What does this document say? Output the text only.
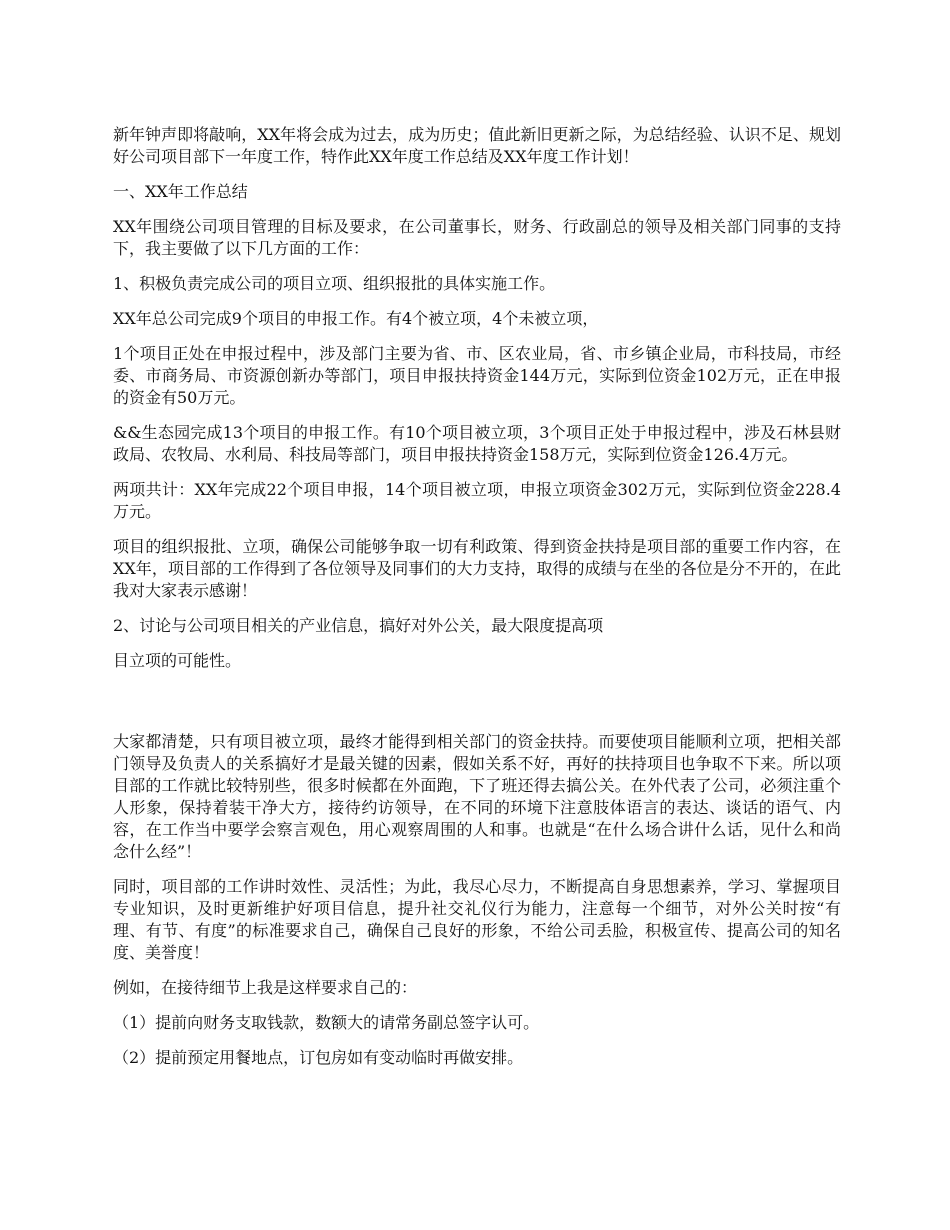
新年钟声即将敲响，XX年将会成为过去，成为历史；值此新旧更新之际，为总结经验、认识不足、规划好公司项目部下一年度工作，特作此XX年度工作总结及XX年度工作计划！

一、XX年工作总结

XX年围绕公司项目管理的目标及要求，在公司董事长，财务、行政副总的领导及相关部门同事的支持下，我主要做了以下几方面的工作：

1、积极负责完成公司的项目立项、组织报批的具体实施工作。

XX年总公司完成9个项目的申报工作。有4个被立项，4个未被立项，

1个项目正处在申报过程中，涉及部门主要为省、市、区农业局，省、市乡镇企业局，市科技局，市经委、市商务局、市资源创新办等部门，项目申报扶持资金144万元，实际到位资金102万元，正在申报的资金有50万元。

&&生态园完成13个项目的申报工作。有10个项目被立项，3个项目正处于申报过程中，涉及石林县财政局、农牧局、水利局、科技局等部门，项目申报扶持资金158万元，实际到位资金126.4万元。

两项共计：XX年完成22个项目申报，14个项目被立项，申报立项资金302万元，实际到位资金228.4万元。

项目的组织报批、立项，确保公司能够争取一切有利政策、得到资金扶持是项目部的重要工作内容，在XX年，项目部的工作得到了各位领导及同事们的大力支持，取得的成绩与在坐的各位是分不开的，在此我对大家表示感谢！

2、讨论与公司项目相关的产业信息，搞好对外公关，最大限度提高项

目立项的可能性。

大家都清楚，只有项目被立项，最终才能得到相关部门的资金扶持。而要使项目能顺利立项，把相关部门领导及负责人的关系搞好才是最关键的因素，假如关系不好，再好的扶持项目也争取不下来。所以项目部的工作就比较特别些，很多时候都在外面跑，下了班还得去搞公关。在外代表了公司，必须注重个人形象，保持着装干净大方，接待约访领导，在不同的环境下注意肢体语言的表达、谈话的语气、内容，在工作当中要学会察言观色，用心观察周围的人和事。也就是“在什么场合讲什么话，见什么和尚念什么经”！

同时，项目部的工作讲时效性、灵活性；为此，我尽心尽力，不断提高自身思想素养，学习、掌握项目专业知识，及时更新维护好项目信息，提升社交礼仪行为能力，注意每一个细节，对外公关时按“有理、有节、有度”的标准要求自己，确保自己良好的形象，不给公司丢脸，积极宣传、提高公司的知名度、美誉度！

例如，在接待细节上我是这样要求自己的：

（1）提前向财务支取钱款，数额大的请常务副总签字认可。

（2）提前预定用餐地点，订包房如有变动临时再做安排。
